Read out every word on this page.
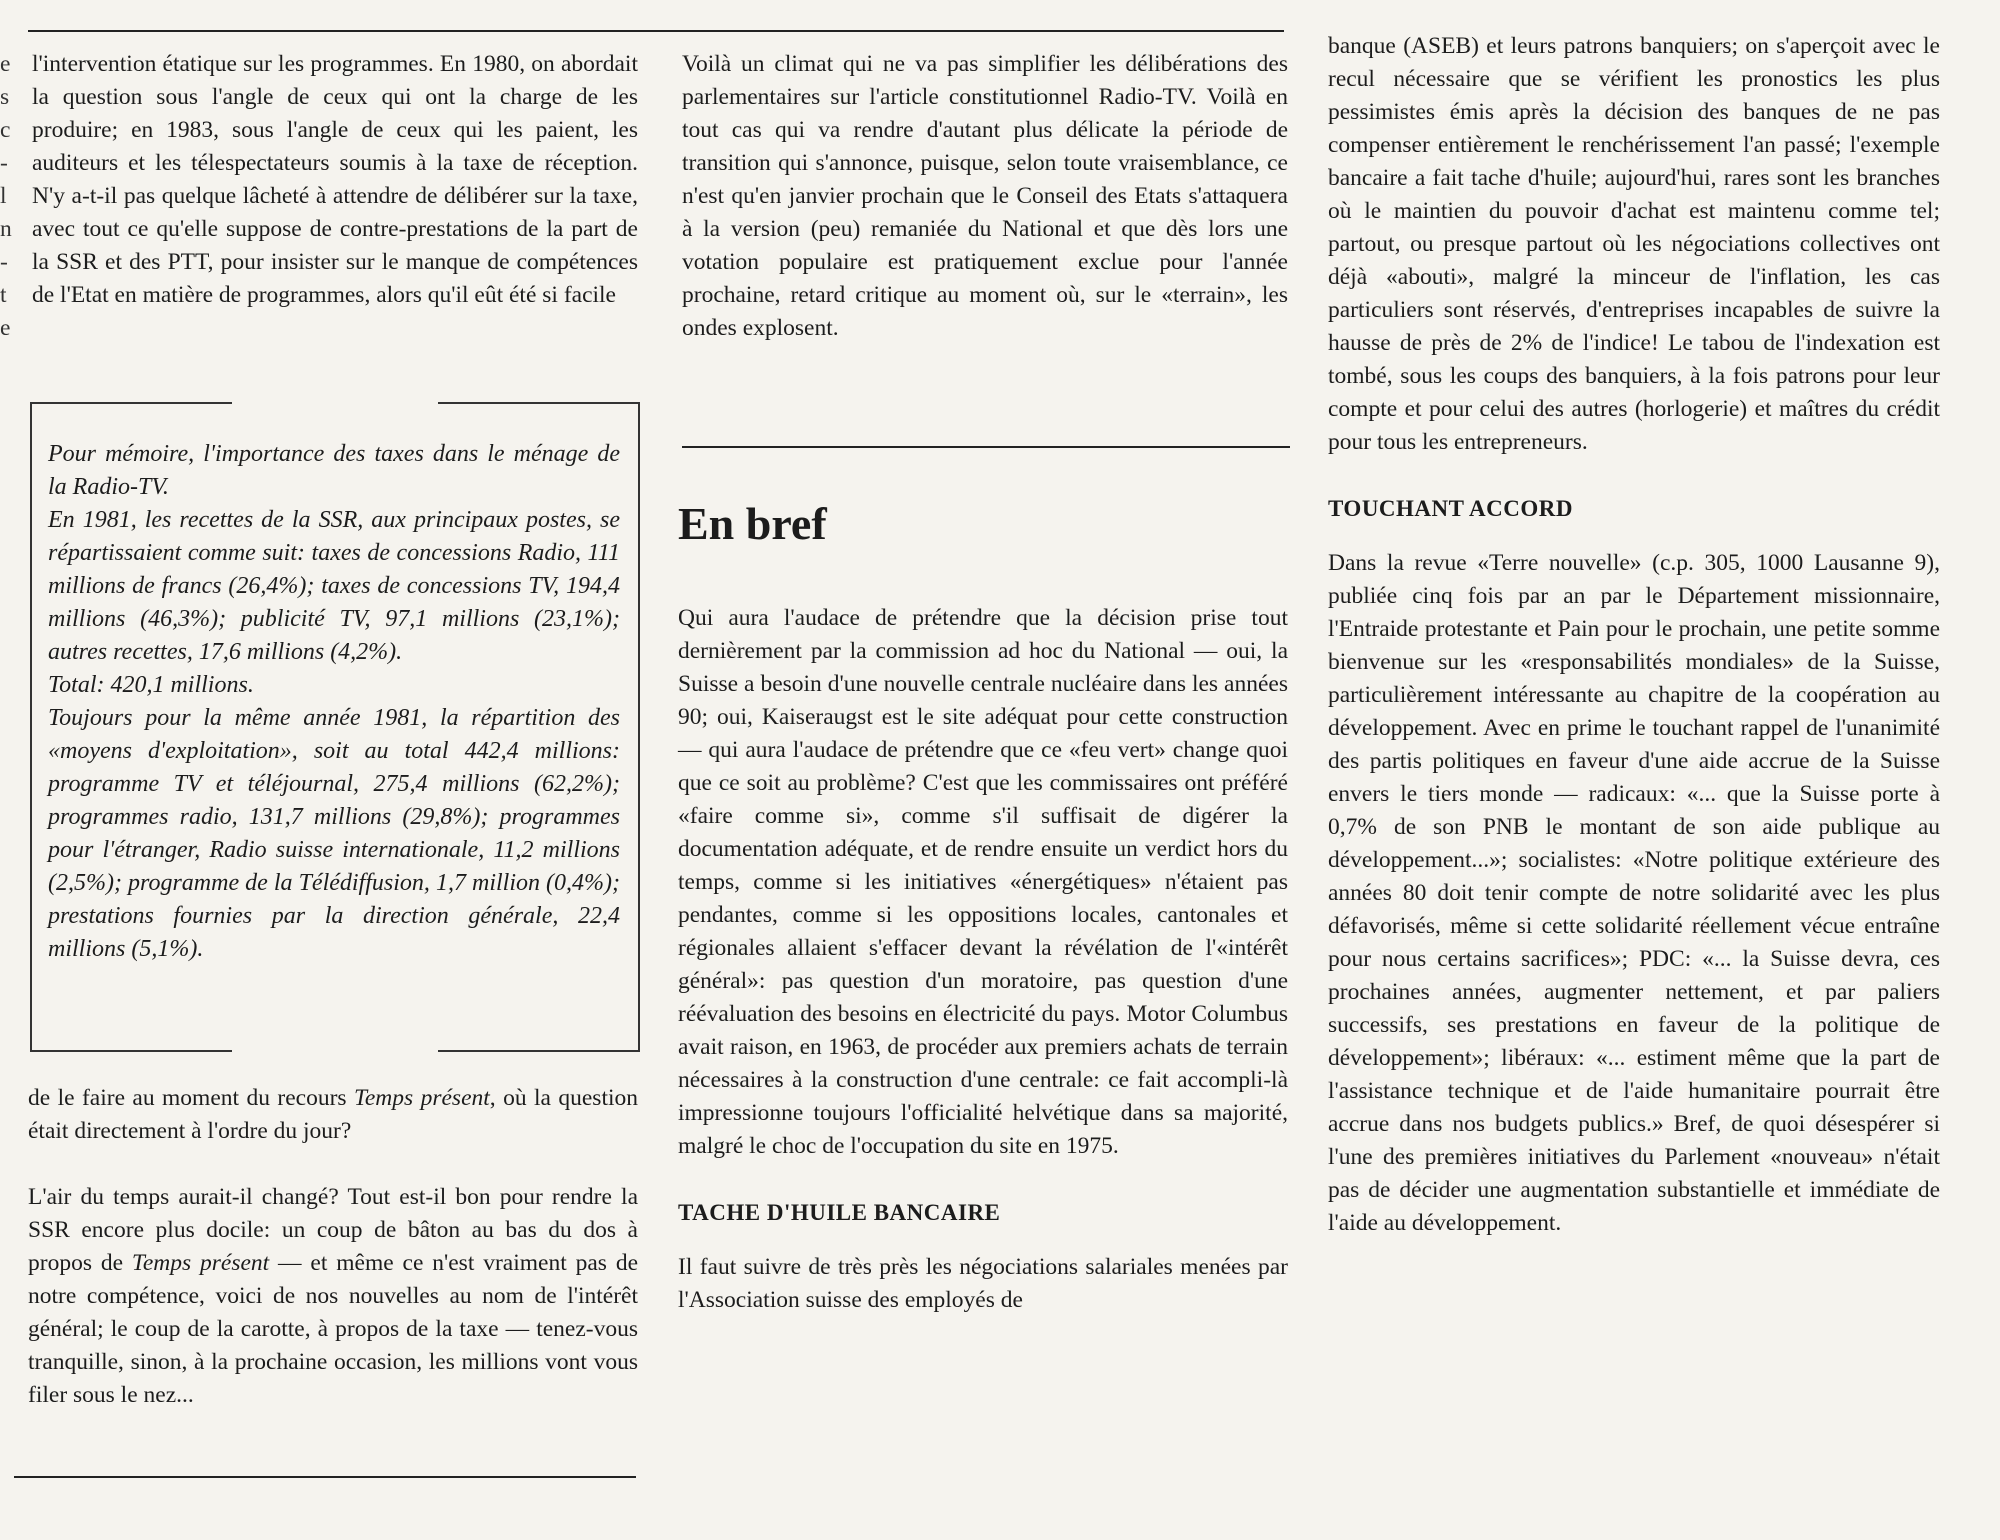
e
s
c
-
l
n
-
t
e

l'intervention étatique sur les programmes. En 1980, on abordait la question sous l'angle de ceux qui ont la charge de les produire; en 1983, sous l'angle de ceux qui les paient, les auditeurs et les télespectateurs soumis à la taxe de réception. N'y a-t-il pas quelque lâcheté à attendre de délibérer sur la taxe, avec tout ce qu'elle suppose de contre-prestations de la part de la SSR et des PTT, pour insister sur le manque de compétences de l'Etat en matière de programmes, alors qu'il eût été si facile

Pour mémoire, l'importance des taxes dans le ménage de la Radio-TV.

En 1981, les recettes de la SSR, aux principaux postes, se répartissaient comme suit: taxes de concessions Radio, 111 millions de francs (26,4%); taxes de concessions TV, 194,4 millions (46,3%); publicité TV, 97,1 millions (23,1%); autres recettes, 17,6 millions (4,2%).

Total: 420,1 millions.

Toujours pour la même année 1981, la répartition des «moyens d'exploitation», soit au total 442,4 millions: programme TV et téléjournal, 275,4 millions (62,2%); programmes radio, 131,7 millions (29,8%); programmes pour l'étranger, Radio suisse internationale, 11,2 millions (2,5%); programme de la Télédiffusion, 1,7 million (0,4%); prestations fournies par la direction générale, 22,4 millions (5,1%).

de le faire au moment du recours Temps présent, où la question était directement à l'ordre du jour?

L'air du temps aurait-il changé? Tout est-il bon pour rendre la SSR encore plus docile: un coup de bâton au bas du dos à propos de Temps présent — et même ce n'est vraiment pas de notre compétence, voici de nos nouvelles au nom de l'intérêt général; le coup de la carotte, à propos de la taxe — tenez-vous tranquille, sinon, à la prochaine occasion, les millions vont vous filer sous le nez...

Voilà un climat qui ne va pas simplifier les délibérations des parlementaires sur l'article constitutionnel Radio-TV. Voilà en tout cas qui va rendre d'autant plus délicate la période de transition qui s'annonce, puisque, selon toute vraisemblance, ce n'est qu'en janvier prochain que le Conseil des Etats s'attaquera à la version (peu) remaniée du National et que dès lors une votation populaire est pratiquement exclue pour l'année prochaine, retard critique au moment où, sur le «terrain», les ondes explosent.

En bref

Qui aura l'audace de prétendre que la décision prise tout dernièrement par la commission ad hoc du National — oui, la Suisse a besoin d'une nouvelle centrale nucléaire dans les années 90; oui, Kaiseraugst est le site adéquat pour cette construction — qui aura l'audace de prétendre que ce «feu vert» change quoi que ce soit au problème? C'est que les commissaires ont préféré «faire comme si», comme s'il suffisait de digérer la documentation adéquate, et de rendre ensuite un verdict hors du temps, comme si les initiatives «énergétiques» n'étaient pas pendantes, comme si les oppositions locales, cantonales et régionales allaient s'effacer devant la révélation de l'«intérêt général»: pas question d'un moratoire, pas question d'une réévaluation des besoins en électricité du pays. Motor Columbus avait raison, en 1963, de procéder aux premiers achats de terrain nécessaires à la construction d'une centrale: ce fait accompli-là impressionne toujours l'officialité helvétique dans sa majorité, malgré le choc de l'occupation du site en 1975.

TACHE D'HUILE BANCAIRE

Il faut suivre de très près les négociations salariales menées par l'Association suisse des employés de

banque (ASEB) et leurs patrons banquiers; on s'aperçoit avec le recul nécessaire que se vérifient les pronostics les plus pessimistes émis après la décision des banques de ne pas compenser entièrement le renchérissement l'an passé; l'exemple bancaire a fait tache d'huile; aujourd'hui, rares sont les branches où le maintien du pouvoir d'achat est maintenu comme tel; partout, ou presque partout où les négociations collectives ont déjà «abouti», malgré la minceur de l'inflation, les cas particuliers sont réservés, d'entreprises incapables de suivre la hausse de près de 2% de l'indice! Le tabou de l'indexation est tombé, sous les coups des banquiers, à la fois patrons pour leur compte et pour celui des autres (horlogerie) et maîtres du crédit pour tous les entrepreneurs.

TOUCHANT ACCORD

Dans la revue «Terre nouvelle» (c.p. 305, 1000 Lausanne 9), publiée cinq fois par an par le Département missionnaire, l'Entraide protestante et Pain pour le prochain, une petite somme bienvenue sur les «responsabilités mondiales» de la Suisse, particulièrement intéressante au chapitre de la coopération au développement. Avec en prime le touchant rappel de l'unanimité des partis politiques en faveur d'une aide accrue de la Suisse envers le tiers monde — radicaux: «... que la Suisse porte à 0,7% de son PNB le montant de son aide publique au développement...»; socialistes: «Notre politique extérieure des années 80 doit tenir compte de notre solidarité avec les plus défavorisés, même si cette solidarité réellement vécue entraîne pour nous certains sacrifices»; PDC: «... la Suisse devra, ces prochaines années, augmenter nettement, et par paliers successifs, ses prestations en faveur de la politique de développement»; libéraux: «... estiment même que la part de l'assistance technique et de l'aide humanitaire pourrait être accrue dans nos budgets publics.» Bref, de quoi désespérer si l'une des premières initiatives du Parlement «nouveau» n'était pas de décider une augmentation substantielle et immédiate de l'aide au développement.
